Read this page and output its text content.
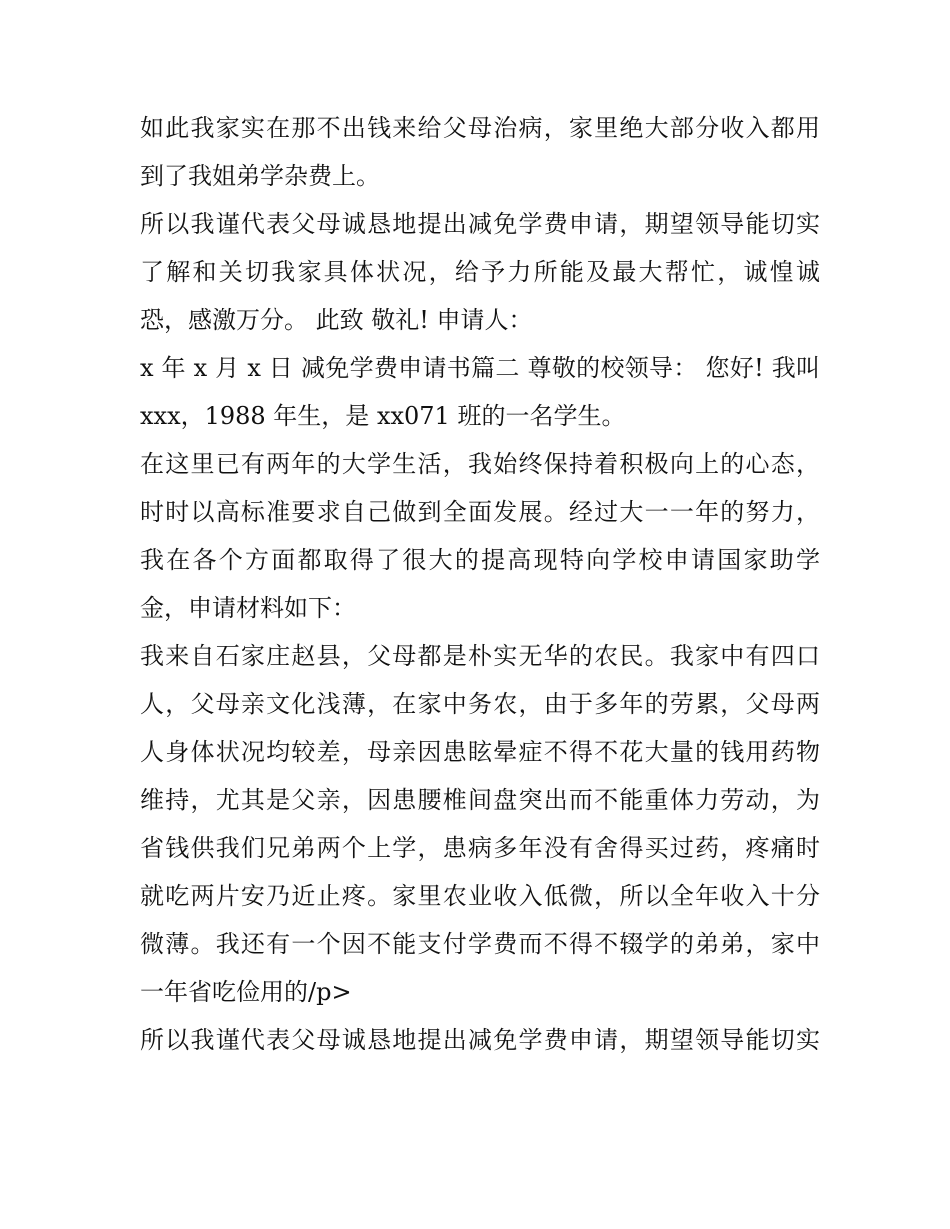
如此我家实在那不出钱来给父母治病，家里绝大部分收入都用
到了我姐弟学杂费上。
所以我谨代表父母诚恳地提出减免学费申请，期望领导能切实
了解和关切我家具体状况，给予力所能及最大帮忙，诚惶诚
恐，感激万分。 此致 敬礼! 申请人：
x 年 x 月 x 日 减免学费申请书篇二 尊敬的校领导： 您好! 我叫
xxx，1988 年生，是 xx071 班的一名学生。
在这里已有两年的大学生活，我始终保持着积极向上的心态，
时时以高标准要求自己做到全面发展。经过大一一年的努力，
我在各个方面都取得了很大的提高现特向学校申请国家助学
金，申请材料如下：
我来自石家庄赵县，父母都是朴实无华的农民。我家中有四口
人，父母亲文化浅薄，在家中务农，由于多年的劳累，父母两
人身体状况均较差，母亲因患眩晕症不得不花大量的钱用药物
维持，尤其是父亲，因患腰椎间盘突出而不能重体力劳动，为
省钱供我们兄弟两个上学，患病多年没有舍得买过药，疼痛时
就吃两片安乃近止疼。家里农业收入低微，所以全年收入十分
微薄。我还有一个因不能支付学费而不得不辍学的弟弟，家中
一年省吃俭用的/p>
所以我谨代表父母诚恳地提出减免学费申请，期望领导能切实
